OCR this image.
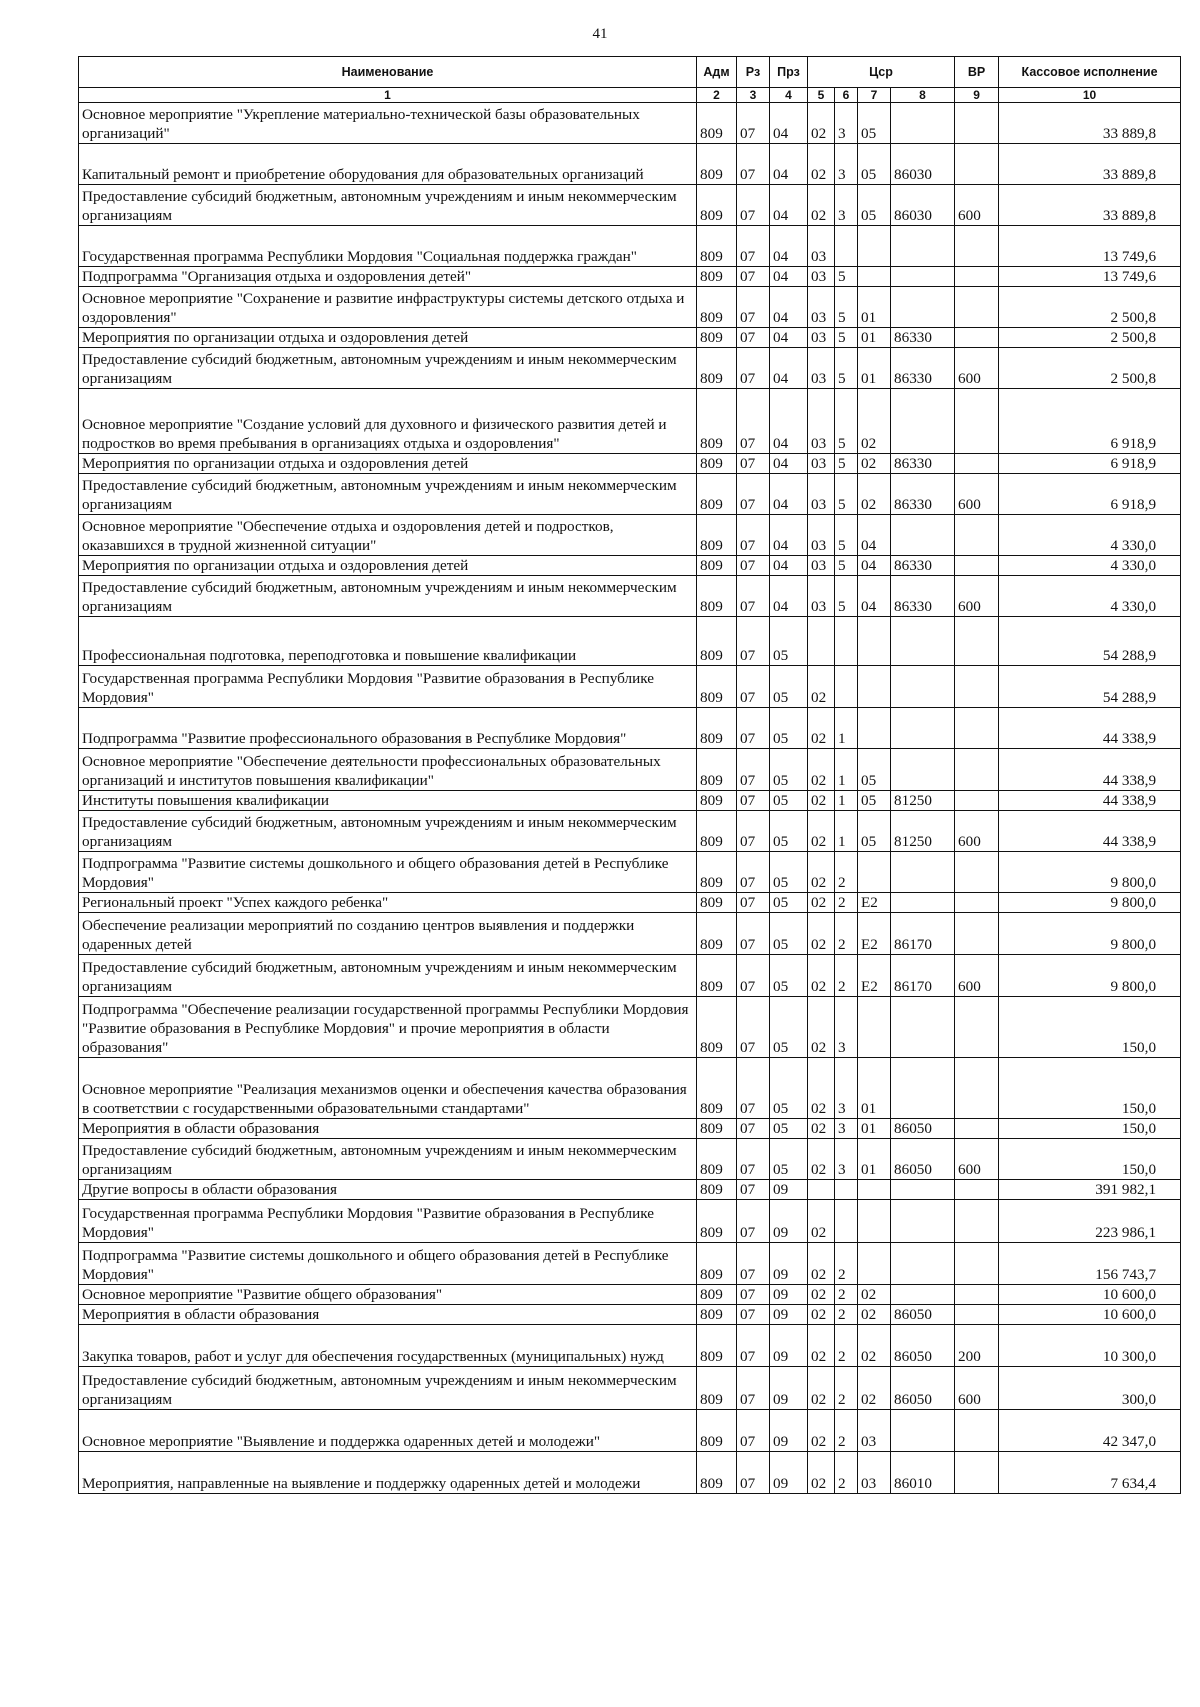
41
Наименование	Адм	Рз	Прз	Цср				ВР	Кассовое исполнение
1	2	3	4	5	6	7	8	9	10
Основное мероприятие "Укрепление материально-технической базы образовательных организаций"	809	07	04	02	3	05			33 889,8
Капитальный ремонт и приобретение оборудования для образовательных организаций	809	07	04	02	3	05	86030		33 889,8
Предоставление субсидий бюджетным, автономным учреждениям и иным некоммерческим организациям	809	07	04	02	3	05	86030	600	33 889,8
Государственная программа Республики Мордовия "Социальная поддержка граждан"	809	07	04	03					13 749,6
Подпрограмма "Организация отдыха и оздоровления детей"	809	07	04	03	5				13 749,6
Основное мероприятие "Сохранение и развитие инфраструктуры системы детского отдыха и оздоровления"	809	07	04	03	5	01			2 500,8
Мероприятия по организации отдыха и оздоровления детей	809	07	04	03	5	01	86330		2 500,8
Предоставление субсидий бюджетным, автономным учреждениям и иным некоммерческим организациям	809	07	04	03	5	01	86330	600	2 500,8
Основное мероприятие "Создание условий для духовного и физического развития детей и подростков во время пребывания в организациях отдыха и оздоровления"	809	07	04	03	5	02			6 918,9
Мероприятия по организации отдыха и оздоровления детей	809	07	04	03	5	02	86330		6 918,9
Предоставление субсидий бюджетным, автономным учреждениям и иным некоммерческим организациям	809	07	04	03	5	02	86330	600	6 918,9
Основное мероприятие "Обеспечение отдыха и оздоровления детей и подростков, оказавшихся в трудной жизненной ситуации"	809	07	04	03	5	04			4 330,0
Мероприятия по организации отдыха и оздоровления детей	809	07	04	03	5	04	86330		4 330,0
Предоставление субсидий бюджетным, автономным учреждениям и иным некоммерческим организациям	809	07	04	03	5	04	86330	600	4 330,0
Профессиональная подготовка, переподготовка и повышение квалификации	809	07	05						54 288,9
Государственная программа Республики Мордовия "Развитие образования в Республике Мордовия"	809	07	05	02					54 288,9
Подпрограмма "Развитие профессионального образования в Республике Мордовия"	809	07	05	02	1				44 338,9
Основное мероприятие "Обеспечение деятельности профессиональных образовательных организаций и институтов повышения квалификации"	809	07	05	02	1	05			44 338,9
Институты повышения квалификации	809	07	05	02	1	05	81250		44 338,9
Предоставление субсидий бюджетным, автономным учреждениям и иным некоммерческим организациям	809	07	05	02	1	05	81250	600	44 338,9
Подпрограмма "Развитие системы дошкольного и общего образования детей в Республике Мордовия"	809	07	05	02	2				9 800,0
Региональный проект "Успех каждого ребенка"	809	07	05	02	2	E2			9 800,0
Обеспечение реализации мероприятий по созданию центров выявления и поддержки одаренных детей	809	07	05	02	2	E2	86170		9 800,0
Предоставление субсидий бюджетным, автономным учреждениям и иным некоммерческим организациям	809	07	05	02	2	E2	86170	600	9 800,0
Подпрограмма "Обеспечение реализации государственной программы Республики Мордовия "Развитие образования в Республике Мордовия" и прочие мероприятия в области образования"	809	07	05	02	3				150,0
Основное мероприятие "Реализация механизмов оценки и обеспечения качества образования в соответствии с государственными образовательными стандартами"	809	07	05	02	3	01			150,0
Мероприятия в области образования	809	07	05	02	3	01	86050		150,0
Предоставление субсидий бюджетным, автономным учреждениям и иным некоммерческим организациям	809	07	05	02	3	01	86050	600	150,0
Другие вопросы в области образования	809	07	09						391 982,1
Государственная программа Республики Мордовия "Развитие образования в Республике Мордовия"	809	07	09	02					223 986,1
Подпрограмма "Развитие системы дошкольного и общего образования детей в Республике Мордовия"	809	07	09	02	2				156 743,7
Основное мероприятие "Развитие общего образования"	809	07	09	02	2	02			10 600,0
Мероприятия в области образования	809	07	09	02	2	02	86050		10 600,0
Закупка товаров, работ и услуг для обеспечения государственных (муниципальных) нужд	809	07	09	02	2	02	86050	200	10 300,0
Предоставление субсидий бюджетным, автономным учреждениям и иным некоммерческим организациям	809	07	09	02	2	02	86050	600	300,0
Основное мероприятие "Выявление и поддержка одаренных детей и молодежи"	809	07	09	02	2	03			42 347,0
Мероприятия, направленные на выявление и поддержку одаренных детей и молодежи	809	07	09	02	2	03	86010		7 634,4
